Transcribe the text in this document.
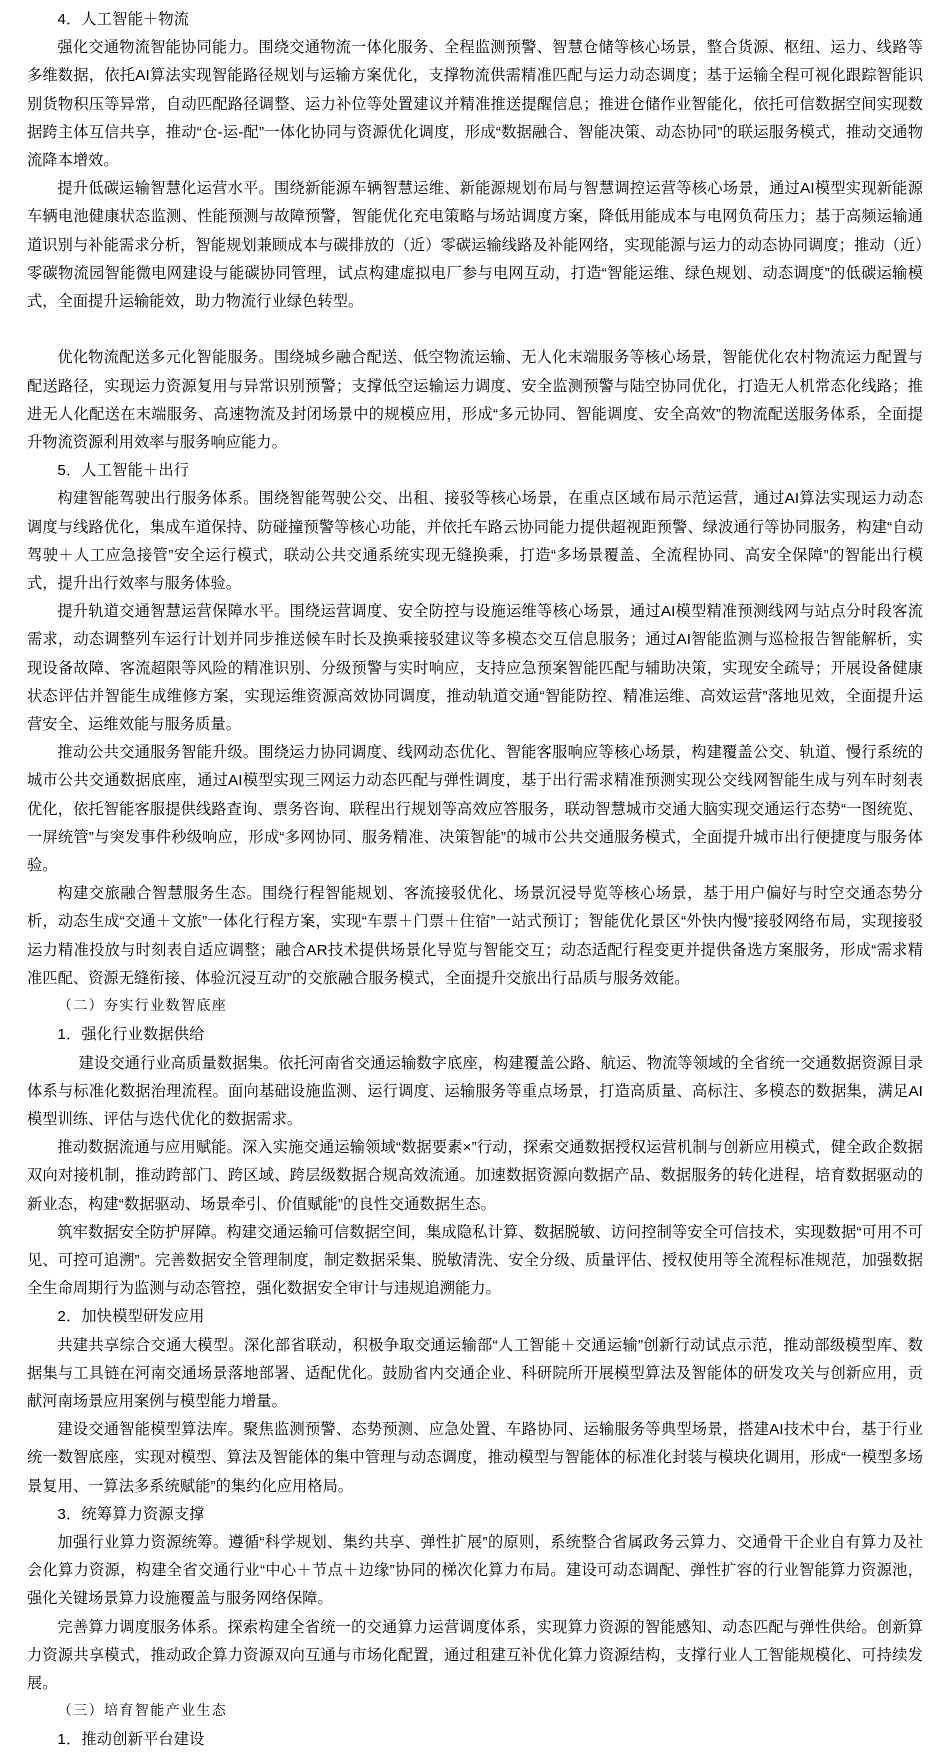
4．人工智能＋物流

强化交通物流智能协同能力。围绕交通物流一体化服务、全程监测预警、智慧仓储等核心场景，整合货源、枢纽、运力、线路等多维数据，依托AI算法实现智能路径规划与运输方案优化，支撑物流供需精准匹配与运力动态调度；基于运输全程可视化跟踪智能识别货物积压等异常，自动匹配路径调整、运力补位等处置建议并精准推送提醒信息；推进仓储作业智能化，依托可信数据空间实现数据跨主体互信共享，推动“仓‑运‑配”一体化协同与资源优化调度，形成“数据融合、智能决策、动态协同”的联运服务模式，推动交通物流降本增效。

提升低碳运输智慧化运营水平。围绕新能源车辆智慧运维、新能源规划布局与智慧调控运营等核心场景，通过AI模型实现新能源车辆电池健康状态监测、性能预测与故障预警，智能优化充电策略与场站调度方案，降低用能成本与电网负荷压力；基于高频运输通道识别与补能需求分析，智能规划兼顾成本与碳排放的（近）零碳运输线路及补能网络，实现能源与运力的动态协同调度；推动（近）零碳物流园智能微电网建设与能碳协同管理，试点构建虚拟电厂参与电网互动，打造“智能运维、绿色规划、动态调度”的低碳运输模式，全面提升运输能效，助力物流行业绿色转型。

优化物流配送多元化智能服务。围绕城乡融合配送、低空物流运输、无人化末端服务等核心场景，智能优化农村物流运力配置与配送路径，实现运力资源复用与异常识别预警；支撑低空运输运力调度、安全监测预警与陆空协同优化，打造无人机常态化线路；推进无人化配送在末端服务、高速物流及封闭场景中的规模应用，形成“多元协同、智能调度、安全高效”的物流配送服务体系，全面提升物流资源利用效率与服务响应能力。

5．人工智能＋出行

构建智能驾驶出行服务体系。围绕智能驾驶公交、出租、接驳等核心场景，在重点区域布局示范运营，通过AI算法实现运力动态调度与线路优化，集成车道保持、防碰撞预警等核心功能，并依托车路云协同能力提供超视距预警、绿波通行等协同服务，构建“自动驾驶＋人工应急接管”安全运行模式，联动公共交通系统实现无缝换乘，打造“多场景覆盖、全流程协同、高安全保障”的智能出行模式，提升出行效率与服务体验。

提升轨道交通智慧运营保障水平。围绕运营调度、安全防控与设施运维等核心场景，通过AI模型精准预测线网与站点分时段客流需求，动态调整列车运行计划并同步推送候车时长及换乘接驳建议等多模态交互信息服务；通过AI智能监测与巡检报告智能解析，实现设备故障、客流超限等风险的精准识别、分级预警与实时响应，支持应急预案智能匹配与辅助决策，实现安全疏导；开展设备健康状态评估并智能生成维修方案，实现运维资源高效协同调度，推动轨道交通“智能防控、精准运维、高效运营”落地见效，全面提升运营安全、运维效能与服务质量。

推动公共交通服务智能升级。围绕运力协同调度、线网动态优化、智能客服响应等核心场景，构建覆盖公交、轨道、慢行系统的城市公共交通数据底座，通过AI模型实现三网运力动态匹配与弹性调度，基于出行需求精准预测实现公交线网智能生成与列车时刻表优化，依托智能客服提供线路查询、票务咨询、联程出行规划等高效应答服务，联动智慧城市交通大脑实现交通运行态势“一图统览、一屏统管”与突发事件秒级响应，形成“多网协同、服务精准、决策智能”的城市公共交通服务模式，全面提升城市出行便捷度与服务体验。

构建交旅融合智慧服务生态。围绕行程智能规划、客流接驳优化、场景沉浸导览等核心场景，基于用户偏好与时空交通态势分析，动态生成“交通＋文旅”一体化行程方案，实现“车票＋门票＋住宿”一站式预订；智能优化景区“外快内慢”接驳网络布局，实现接驳运力精准投放与时刻表自适应调整；融合AR技术提供场景化导览与智能交互；动态适配行程变更并提供备选方案服务，形成“需求精准匹配、资源无缝衔接、体验沉浸互动”的交旅融合服务模式，全面提升交旅出行品质与服务效能。

（二）夯实行业数智底座

1．强化行业数据供给

建设交通行业高质量数据集。依托河南省交通运输数字底座，构建覆盖公路、航运、物流等领域的全省统一交通数据资源目录体系与标准化数据治理流程。面向基础设施监测、运行调度、运输服务等重点场景，打造高质量、高标注、多模态的数据集，满足AI模型训练、评估与迭代优化的数据需求。

推动数据流通与应用赋能。深入实施交通运输领域“数据要素×”行动，探索交通数据授权运营机制与创新应用模式，健全政企数据双向对接机制，推动跨部门、跨区域、跨层级数据合规高效流通。加速数据资源向数据产品、数据服务的转化进程，培育数据驱动的新业态，构建“数据驱动、场景牵引、价值赋能”的良性交通数据生态。

筑牢数据安全防护屏障。构建交通运输可信数据空间，集成隐私计算、数据脱敏、访问控制等安全可信技术，实现数据“可用不可见、可控可追溯”。完善数据安全管理制度，制定数据采集、脱敏清洗、安全分级、质量评估、授权使用等全流程标准规范，加强数据全生命周期行为监测与动态管控，强化数据安全审计与违规追溯能力。

2．加快模型研发应用

共建共享综合交通大模型。深化部省联动，积极争取交通运输部“人工智能＋交通运输”创新行动试点示范，推动部级模型库、数据集与工具链在河南交通场景落地部署、适配优化。鼓励省内交通企业、科研院所开展模型算法及智能体的研发攻关与创新应用，贡献河南场景应用案例与模型能力增量。

建设交通智能模型算法库。聚焦监测预警、态势预测、应急处置、车路协同、运输服务等典型场景，搭建AI技术中台，基于行业统一数智底座，实现对模型、算法及智能体的集中管理与动态调度，推动模型与智能体的标准化封装与模块化调用，形成“一模型多场景复用、一算法多系统赋能”的集约化应用格局。

3．统筹算力资源支撑

加强行业算力资源统筹。遵循“科学规划、集约共享、弹性扩展”的原则，系统整合省属政务云算力、交通骨干企业自有算力及社会化算力资源，构建全省交通行业“中心＋节点＋边缘”协同的梯次化算力布局。建设可动态调配、弹性扩容的行业智能算力资源池，强化关键场景算力设施覆盖与服务网络保障。

完善算力调度服务体系。探索构建全省统一的交通算力运营调度体系，实现算力资源的智能感知、动态匹配与弹性供给。创新算力资源共享模式，推动政企算力资源双向互通与市场化配置，通过租建互补优化算力资源结构，支撑行业人工智能规模化、可持续发展。

（三）培育智能产业生态

1．推动创新平台建设
